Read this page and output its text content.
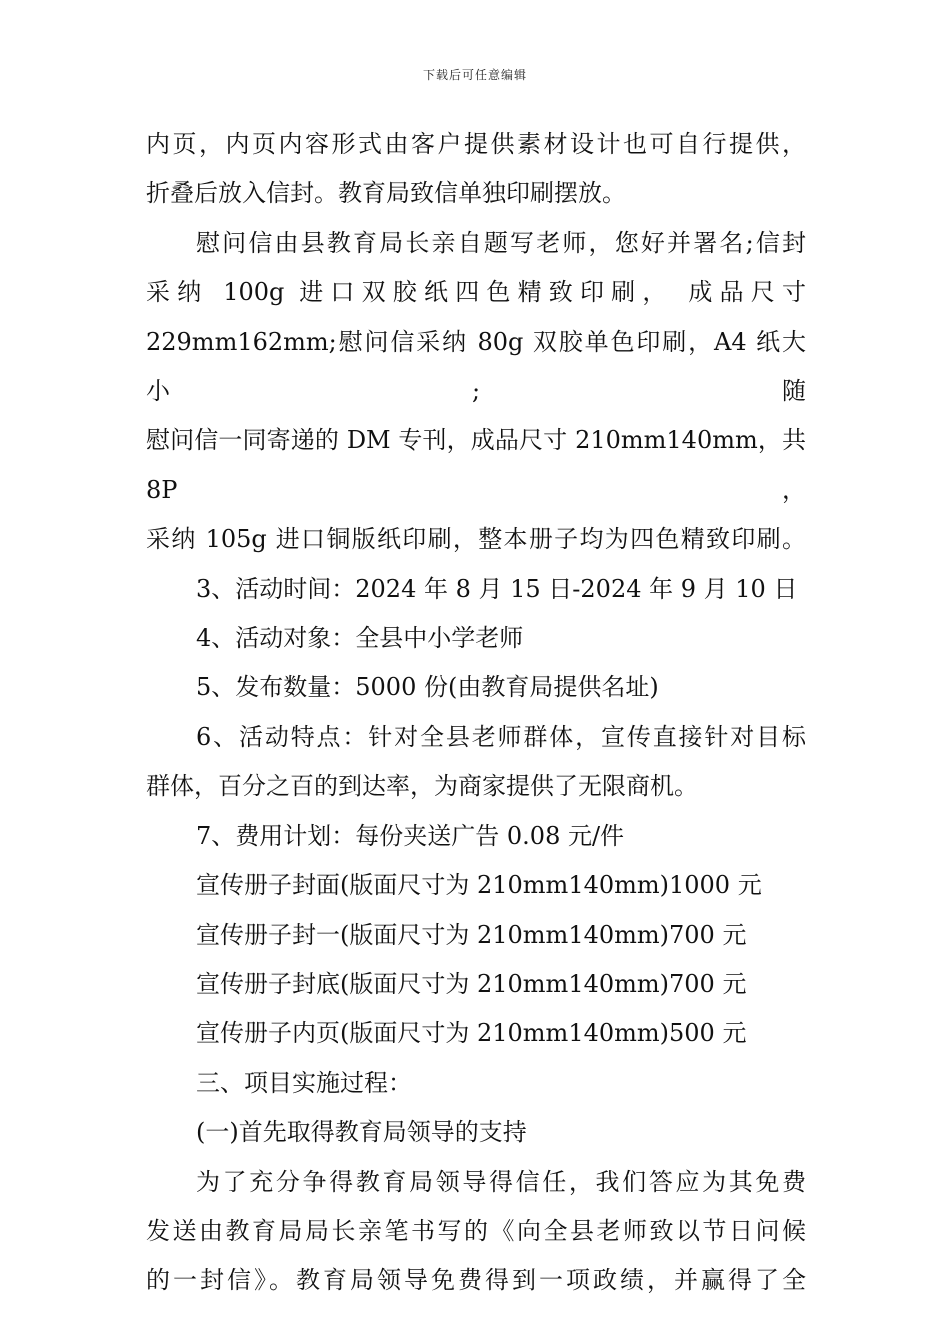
下载后可任意编辑

内页，内页内容形式由客户提供素材设计也可自行提供，

折叠后放入信封。教育局致信单独印刷摆放。

慰问信由县教育局长亲自题写老师，您好并署名;信封

采纳 100g 进口双胶纸四色精致印刷， 成品尺寸

229mm162mm;慰问信采纳 80g 双胶单色印刷，A4 纸大小;随

慰问信一同寄递的 DM 专刊，成品尺寸 210mm140mm，共 8P，

采纳 105g 进口铜版纸印刷，整本册子均为四色精致印刷。

3、活动时间：2024 年 8 月 15 日-2024 年 9 月 10 日

4、活动对象：全县中小学老师

5、发布数量：5000 份(由教育局提供名址)

6、活动特点：针对全县老师群体，宣传直接针对目标

群体，百分之百的到达率，为商家提供了无限商机。

7、费用计划：每份夹送广告 0.08 元/件

宣传册子封面(版面尺寸为 210mm140mm)1000 元

宣传册子封一(版面尺寸为 210mm140mm)700 元

宣传册子封底(版面尺寸为 210mm140mm)700 元

宣传册子内页(版面尺寸为 210mm140mm)500 元

三、项目实施过程：

(一)首先取得教育局领导的支持

为了充分争得教育局领导得信任，我们答应为其免费

发送由教育局局长亲笔书写的《向全县老师致以节日问候

的一封信》。教育局领导免费得到一项政绩，并赢得了全
